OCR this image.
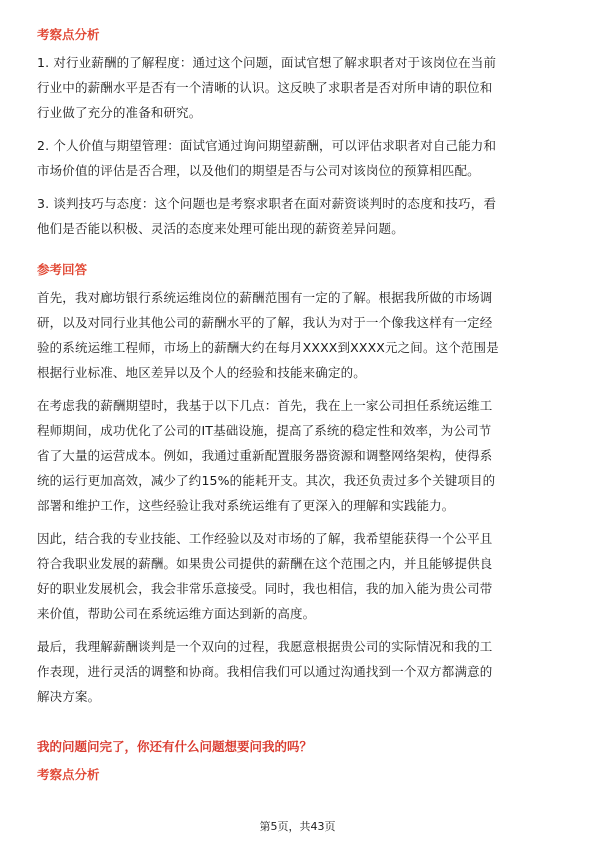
考察点分析
1. 对行业薪酬的了解程度：通过这个问题，面试官想了解求职者对于该岗位在当前
行业中的薪酬水平是否有一个清晰的认识。这反映了求职者是否对所申请的职位和
行业做了充分的准备和研究。
2. 个人价值与期望管理：面试官通过询问期望薪酬，可以评估求职者对自己能力和
市场价值的评估是否合理，以及他们的期望是否与公司对该岗位的预算相匹配。
3. 谈判技巧与态度：这个问题也是考察求职者在面对薪资谈判时的态度和技巧，看
他们是否能以积极、灵活的态度来处理可能出现的薪资差异问题。
参考回答
首先，我对廊坊银行系统运维岗位的薪酬范围有一定的了解。根据我所做的市场调
研，以及对同行业其他公司的薪酬水平的了解，我认为对于一个像我这样有一定经
验的系统运维工程师，市场上的薪酬大约在每月XXXX到XXXX元之间。这个范围是
根据行业标准、地区差异以及个人的经验和技能来确定的。
在考虑我的薪酬期望时，我基于以下几点：首先，我在上一家公司担任系统运维工
程师期间，成功优化了公司的IT基础设施，提高了系统的稳定性和效率，为公司节
省了大量的运营成本。例如，我通过重新配置服务器资源和调整网络架构，使得系
统的运行更加高效，减少了约15%的能耗开支。其次，我还负责过多个关键项目的
部署和维护工作，这些经验让我对系统运维有了更深入的理解和实践能力。
因此，结合我的专业技能、工作经验以及对市场的了解，我希望能获得一个公平且
符合我职业发展的薪酬。如果贵公司提供的薪酬在这个范围之内，并且能够提供良
好的职业发展机会，我会非常乐意接受。同时，我也相信，我的加入能为贵公司带
来价值，帮助公司在系统运维方面达到新的高度。
最后，我理解薪酬谈判是一个双向的过程，我愿意根据贵公司的实际情况和我的工
作表现，进行灵活的调整和协商。我相信我们可以通过沟通找到一个双方都满意的
解决方案。
我的问题问完了，你还有什么问题想要问我的吗？
考察点分析
第5页，共43页
